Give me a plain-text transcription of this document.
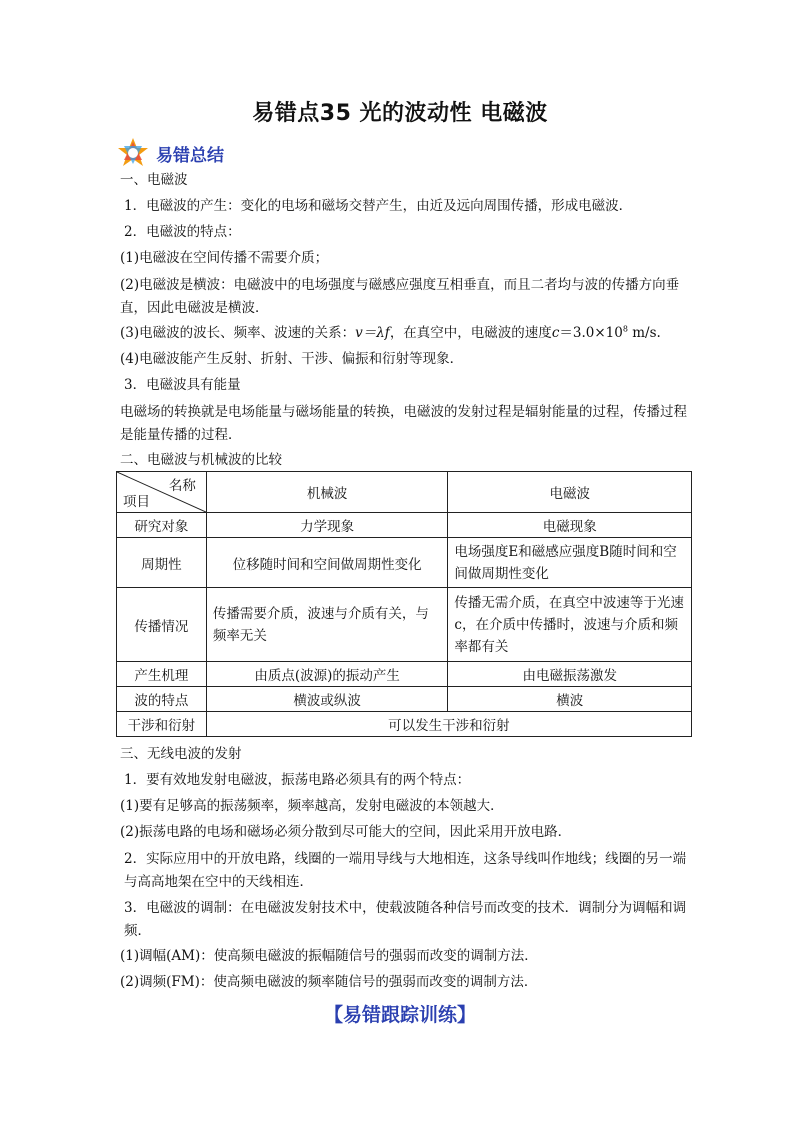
易错点35 光的波动性 电磁波
易错总结

一、电磁波

1．电磁波的产生：变化的电场和磁场交替产生，由近及远向周围传播，形成电磁波．

2．电磁波的特点：

(1)电磁波在空间传播不需要介质；

(2)电磁波是横波：电磁波中的电场强度与磁感应强度互相垂直，而且二者均与波的传播方向垂直，因此电磁波是横波．

(3)电磁波的波长、频率、波速的关系：v＝λf，在真空中，电磁波的速度$c=3.0\times 10^8$ m/s.

(4)电磁波能产生反射、折射、干涉、偏振和衍射等现象．

3．电磁波具有能量

电磁场的转换就是电场能量与磁场能量的转换，电磁波的发射过程是辐射能量的过程，传播过程是能量传播的过程．

二、电磁波与机械波的比较

名称
项目	机械波	电磁波
研究对象	力学现象	电磁现象
周期性	位移随时间和空间做周期性变化	电场强度E和磁感应强度B随时间和空间做周期性变化
传播情况	传播需要介质，波速与介质有关，与频率无关	传播无需介质，在真空中波速等于光速c，在介质中传播时，波速与介质和频率都有关
产生机理	由质点(波源)的振动产生	由电磁振荡激发
波的特点	横波或纵波	横波
干涉和衍射	可以发生干涉和衍射	

三、无线电波的发射

1．要有效地发射电磁波，振荡电路必须具有的两个特点：

(1)要有足够高的振荡频率，频率越高，发射电磁波的本领越大．

(2)振荡电路的电场和磁场必须分散到尽可能大的空间，因此采用开放电路．

2．实际应用中的开放电路，线圈的一端用导线与大地相连，这条导线叫作地线；线圈的另一端与高高地架在空中的天线相连．

3．电磁波的调制：在电磁波发射技术中，使载波随各种信号而改变的技术．调制分为调幅和调频．

(1)调幅(AM)：使高频电磁波的振幅随信号的强弱而改变的调制方法．

(2)调频(FM)：使高频电磁波的频率随信号的强弱而改变的调制方法．

【易错跟踪训练】
